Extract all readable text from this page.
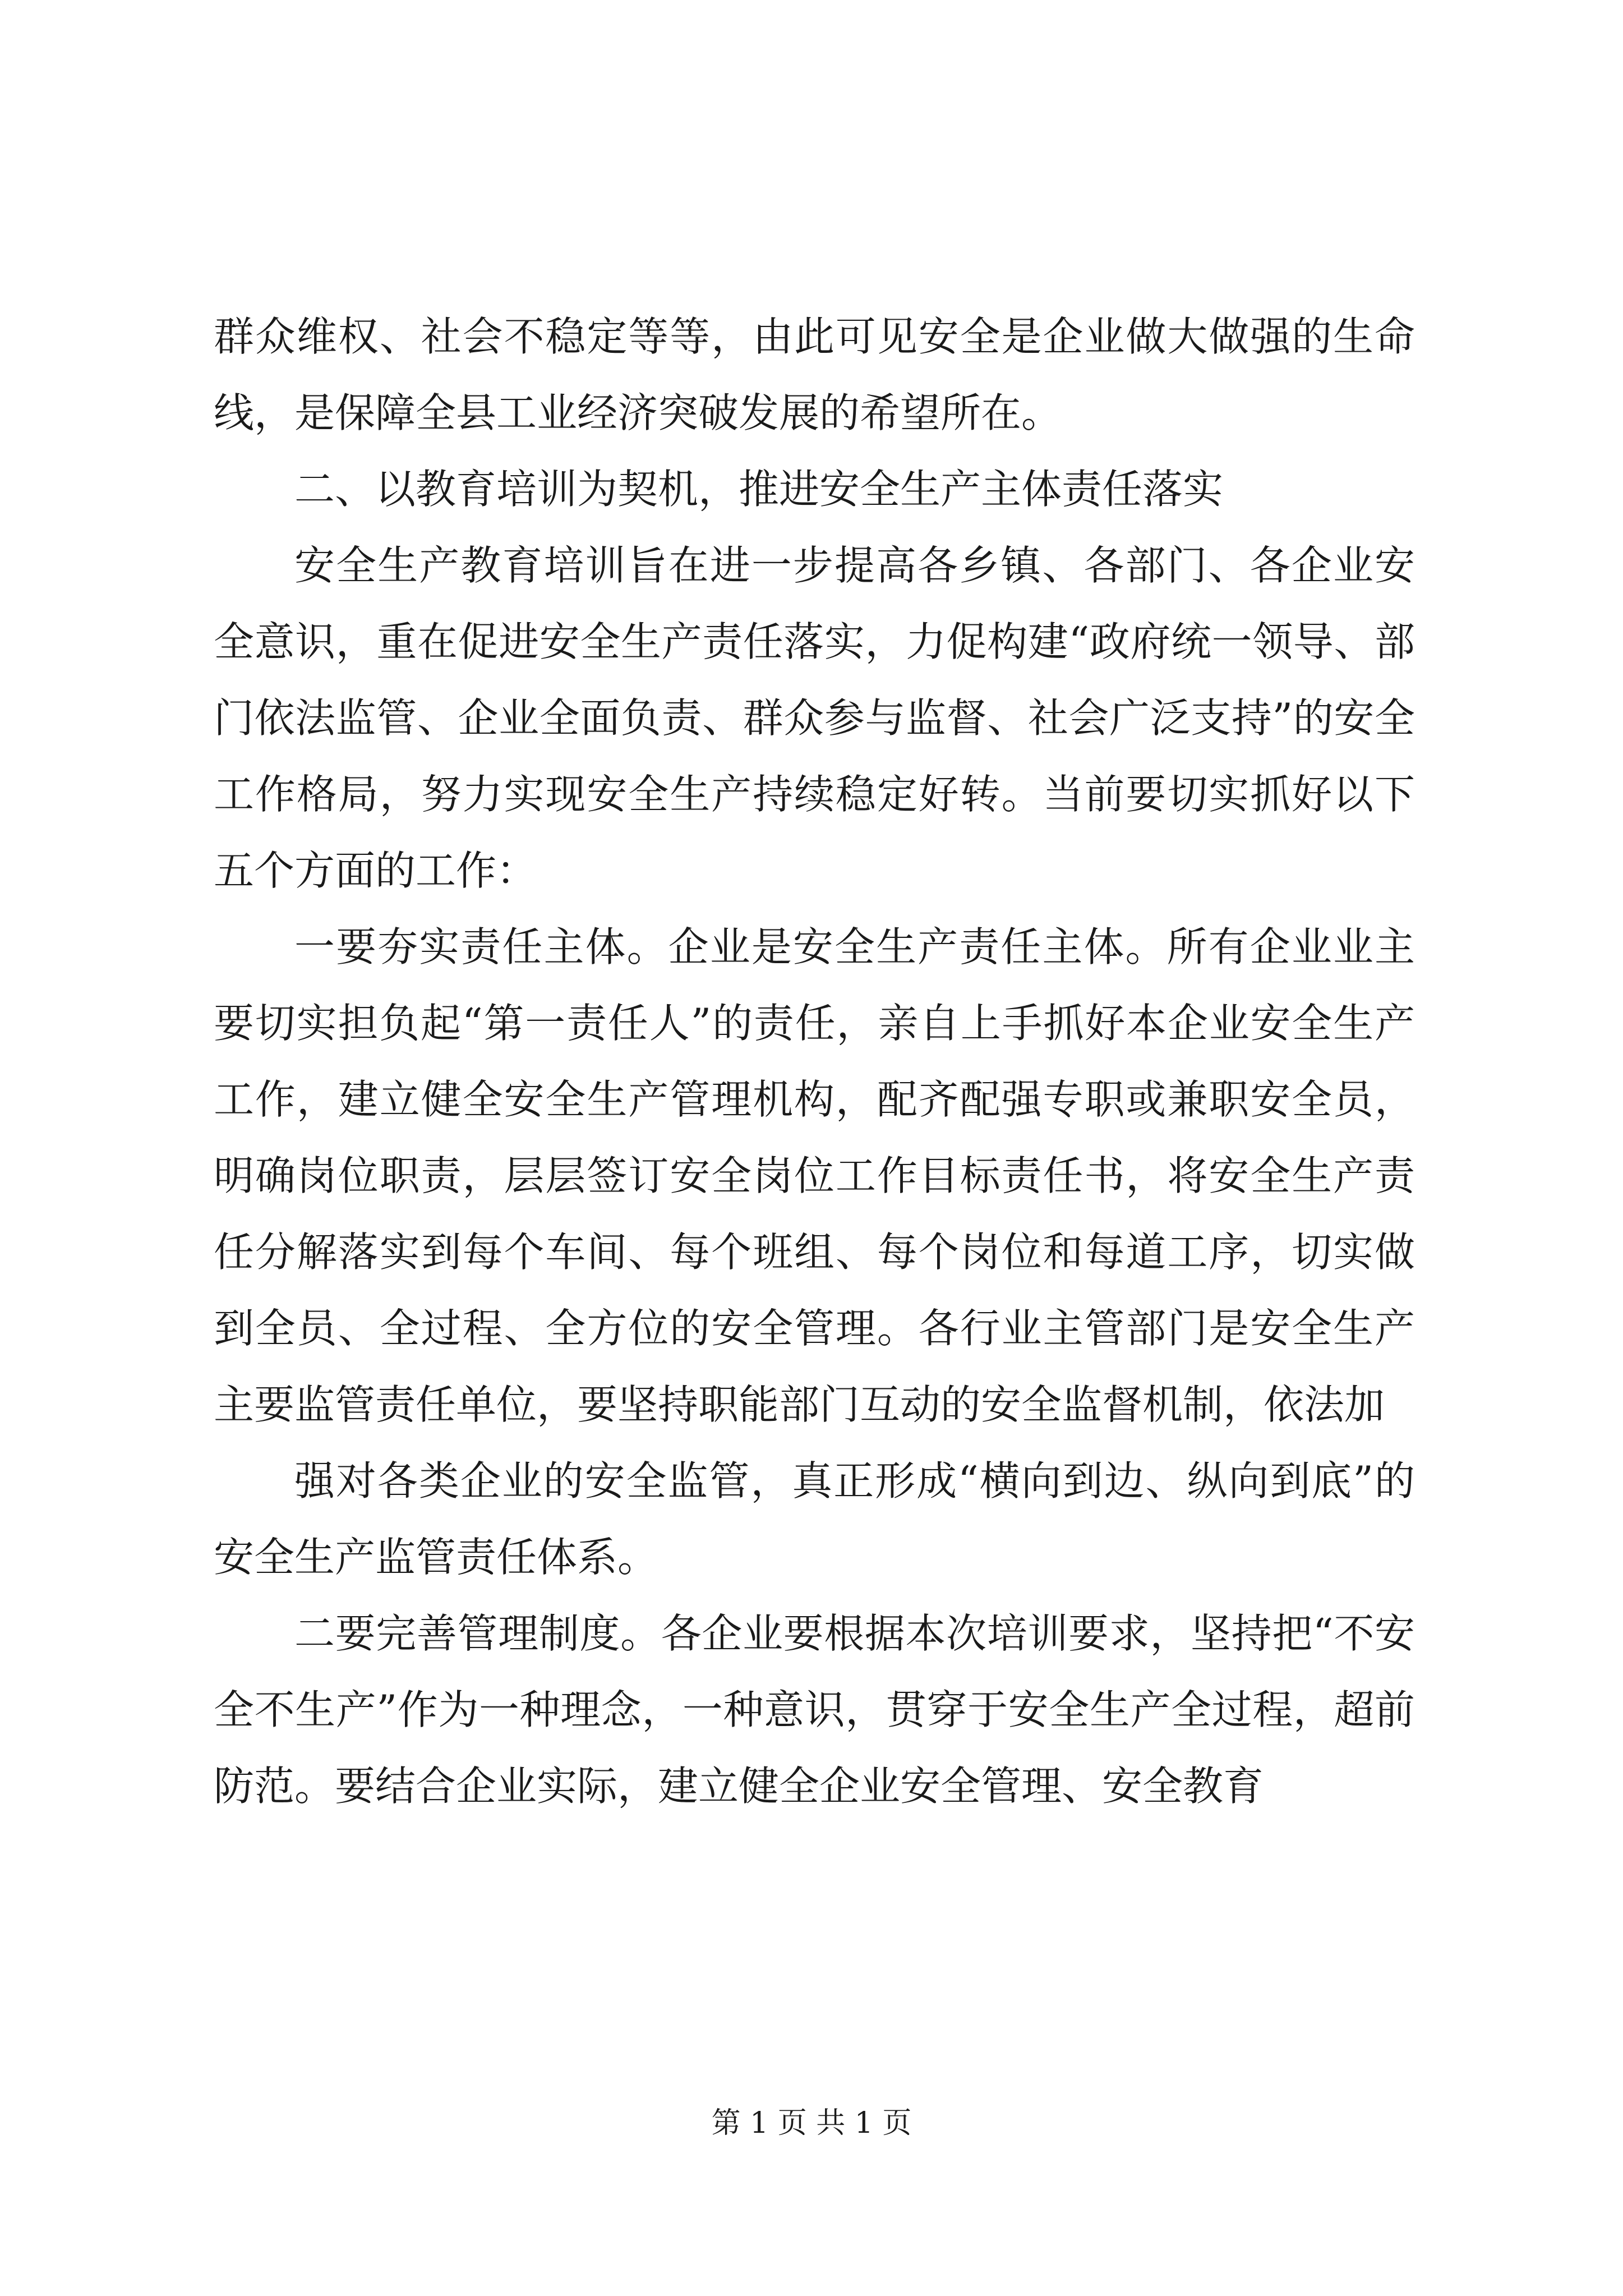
群众维权、社会不稳定等等，由此可见安全是企业做大做强的生命线，是保障全县工业经济突破发展的希望所在。

二、以教育培训为契机，推进安全生产主体责任落实

安全生产教育培训旨在进一步提高各乡镇、各部门、各企业安全意识，重在促进安全生产责任落实，力促构建“政府统一领导、部门依法监管、企业全面负责、群众参与监督、社会广泛支持”的安全工作格局，努力实现安全生产持续稳定好转。当前要切实抓好以下五个方面的工作：

一要夯实责任主体。企业是安全生产责任主体。所有企业业主要切实担负起“第一责任人”的责任，亲自上手抓好本企业安全生产工作，建立健全安全生产管理机构，配齐配强专职或兼职安全员，明确岗位职责，层层签订安全岗位工作目标责任书，将安全生产责任分解落实到每个车间、每个班组、每个岗位和每道工序，切实做到全员、全过程、全方位的安全管理。各行业主管部门是安全生产主要监管责任单位，要坚持职能部门互动的安全监督机制，依法加

强对各类企业的安全监管，真正形成“横向到边、纵向到底”的安全生产监管责任体系。

二要完善管理制度。各企业要根据本次培训要求，坚持把“不安全不生产”作为一种理念，一种意识，贯穿于安全生产全过程，超前防范。要结合企业实际，建立健全企业安全管理、安全教育

第 1 页 共 1 页
